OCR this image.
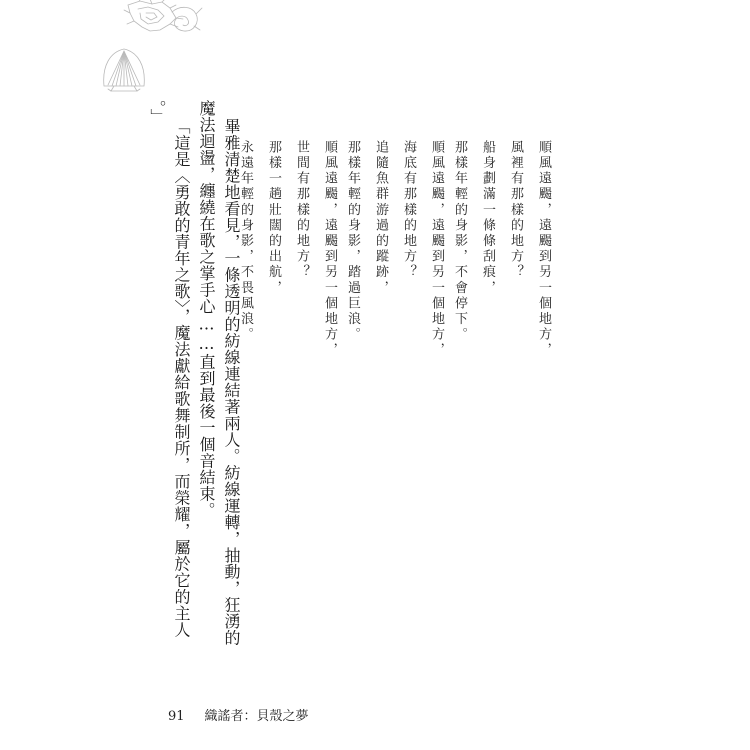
順風遠颺，遠颺到另一個地方，
風裡有那樣的地方？
船身劃滿一條條刮痕，
那樣年輕的身影，不會停下。
順風遠颺，遠颺到另一個地方，
海底有那樣的地方？
追隨魚群游過的蹤跡，
那樣年輕的身影，踏過巨浪。
順風遠颺，遠颺到另一個地方，
世間有那樣的地方？
那樣一趟壯闊的出航，
永遠年輕的身影，不畏風浪。
畢雅清楚地看見，一條透明的紡線連結著兩人。紡線運轉，抽動，狂湧的
魔法迴盪，纏繞在歌之掌手心……直到最後一個音結束。
「這是〈勇敢的青年之歌〉，魔法獻給歌舞制所，而榮耀，屬於它的主人
。」
91 織謠者：貝殼之夢
